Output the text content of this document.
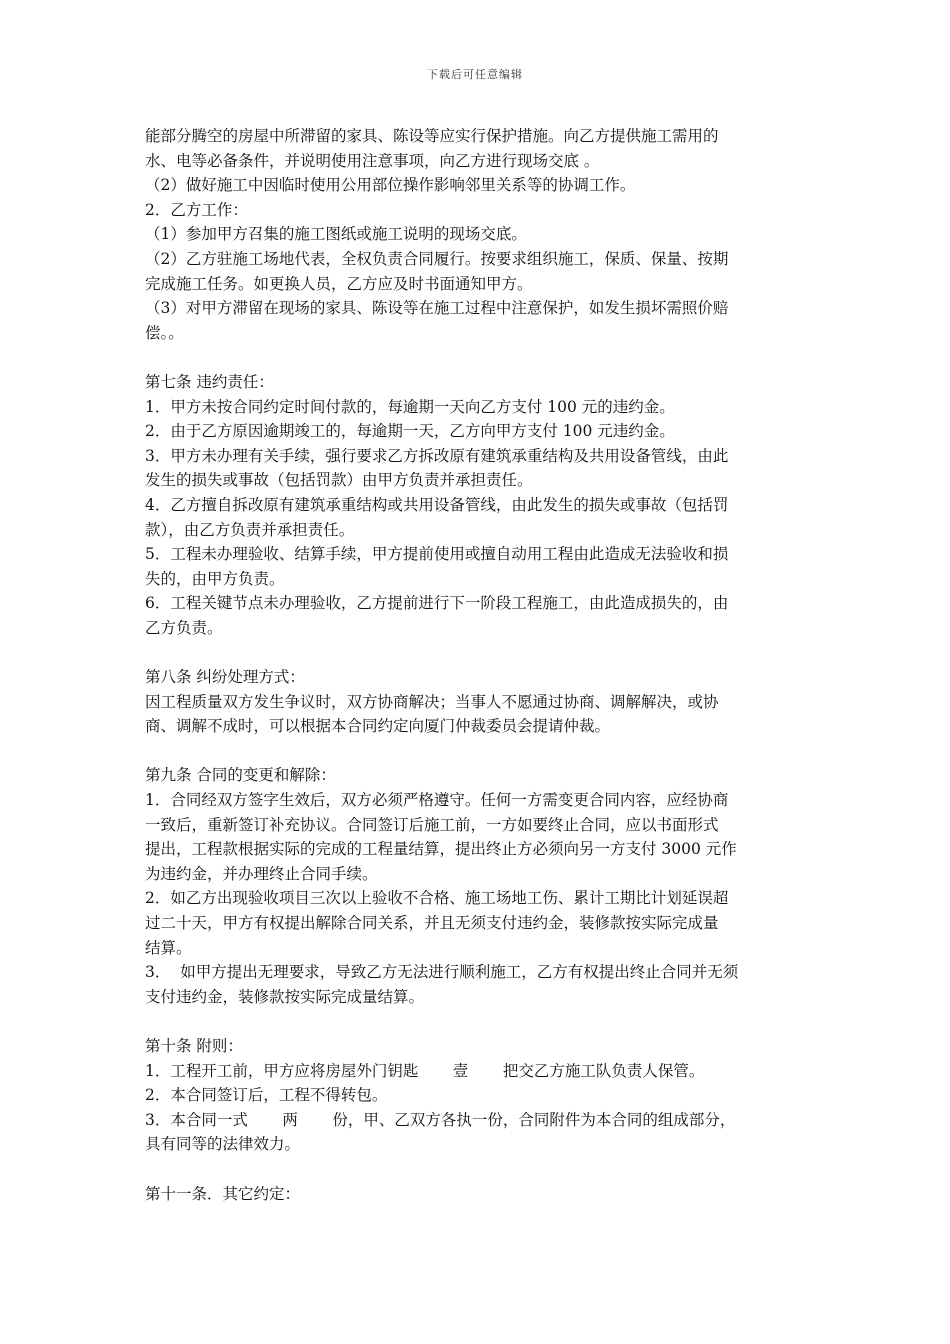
下载后可任意编辑
能部分腾空的房屋中所滞留的家具、陈设等应实行保护措施。向乙方提供施工需用的
水、电等必备条件，并说明使用注意事项，向乙方进行现场交底 。
（2）做好施工中因临时使用公用部位操作影响邻里关系等的协调工作。
2．乙方工作：
（1）参加甲方召集的施工图纸或施工说明的现场交底。
（2）乙方驻施工场地代表，全权负责合同履行。按要求组织施工，保质、保量、按期
完成施工任务。如更换人员，乙方应及时书面通知甲方。
（3）对甲方滞留在现场的家具、陈设等在施工过程中注意保护，如发生损坏需照价赔
偿。。
第七条 违约责任：
1．甲方未按合同约定时间付款的，每逾期一天向乙方支付 100 元的违约金。
2．由于乙方原因逾期竣工的，每逾期一天，乙方向甲方支付 100 元违约金。
3．甲方未办理有关手续，强行要求乙方拆改原有建筑承重结构及共用设备管线，由此
发生的损失或事故（包括罚款）由甲方负责并承担责任。
4．乙方擅自拆改原有建筑承重结构或共用设备管线，由此发生的损失或事故（包括罚
款），由乙方负责并承担责任。
5．工程未办理验收、结算手续，甲方提前使用或擅自动用工程由此造成无法验收和损
失的，由甲方负责。
6．工程关键节点未办理验收，乙方提前进行下一阶段工程施工，由此造成损失的，由
乙方负责。
第八条 纠纷处理方式：
因工程质量双方发生争议时，双方协商解决；当事人不愿通过协商、调解解决，或协
商、调解不成时，可以根据本合同约定向厦门仲裁委员会提请仲裁。
第九条 合同的变更和解除：
1．合同经双方签字生效后，双方必须严格遵守。任何一方需变更合同内容，应经协商
一致后，重新签订补充协议。合同签订后施工前，一方如要终止合同，应以书面形式
提出，工程款根据实际的完成的工程量结算，提出终止方必须向另一方支付 3000 元作
为违约金，并办理终止合同手续。
2．如乙方出现验收项目三次以上验收不合格、施工场地工伤、累计工期比计划延误超
过二十天，甲方有权提出解除合同关系，并且无须支付违约金，装修款按实际完成量
结算。
3．  如甲方提出无理要求，导致乙方无法进行顺利施工，乙方有权提出终止合同并无须
支付违约金，装修款按实际完成量结算。
第十条 附则：
1．工程开工前，甲方应将房屋外门钥匙       壹       把交乙方施工队负责人保管。
2．本合同签订后，工程不得转包。
3．本合同一式       两       份，甲、乙双方各执一份，合同附件为本合同的组成部分，
具有同等的法律效力。
第十一条．其它约定：
